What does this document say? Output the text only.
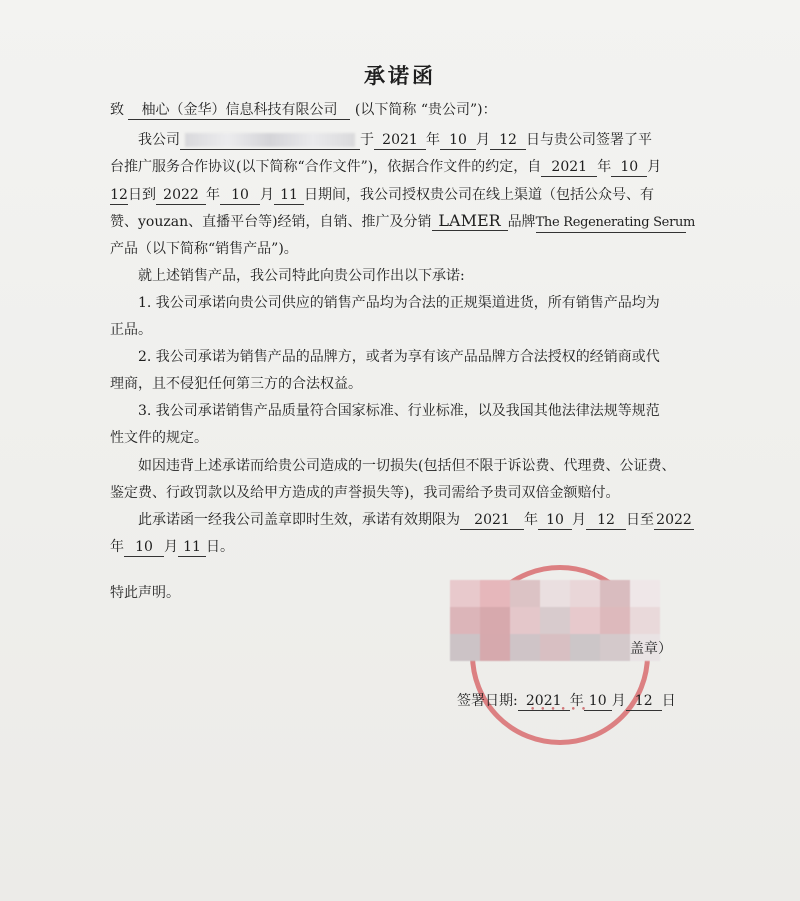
承诺函
致 柚心（金华）信息科技有限公司 (以下简称 “贵公司”)：
我公司	于 2021 年 10 月 12 日与贵公司签署了平
台推广服务合作协议(以下简称“合作文件”)，依据合作文件的约定，自 2021 年 10 月
12日到 2022 年 10 月 11 日期间，我公司授权贵公司在线上渠道（包括公众号、有
赞、youzan、直播平台等)经销，自销、推广及分销 LAMER 品牌The Regenerating Serum
产品（以下简称“销售产品”)。
就上述销售产品，我公司特此向贵公司作出以下承诺:
1. 我公司承诺向贵公司供应的销售产品均为合法的正规渠道进货，所有销售产品均为
正品。
2. 我公司承诺为销售产品的品牌方，或者为享有该产品品牌方合法授权的经销商或代
理商，且不侵犯任何第三方的合法权益。
3. 我公司承诺销售产品质量符合国家标准、行业标准，以及我国其他法律法规等规范
性文件的规定。
如因违背上述承诺而给贵公司造成的一切损失(包括但不限于诉讼费、代理费、公证费、
鉴定费、行政罚款以及给甲方造成的声誉损失等)，我司需给予贵司双倍金额赔付。
此承诺函一经我公司盖章即时生效，承诺有效期限为 2021 年 10 月 12 日至 2022
年 10 月 11 日。
特此声明。
• • • • • •
盖章）
签署日期: 2021 年 10 月 12 日
